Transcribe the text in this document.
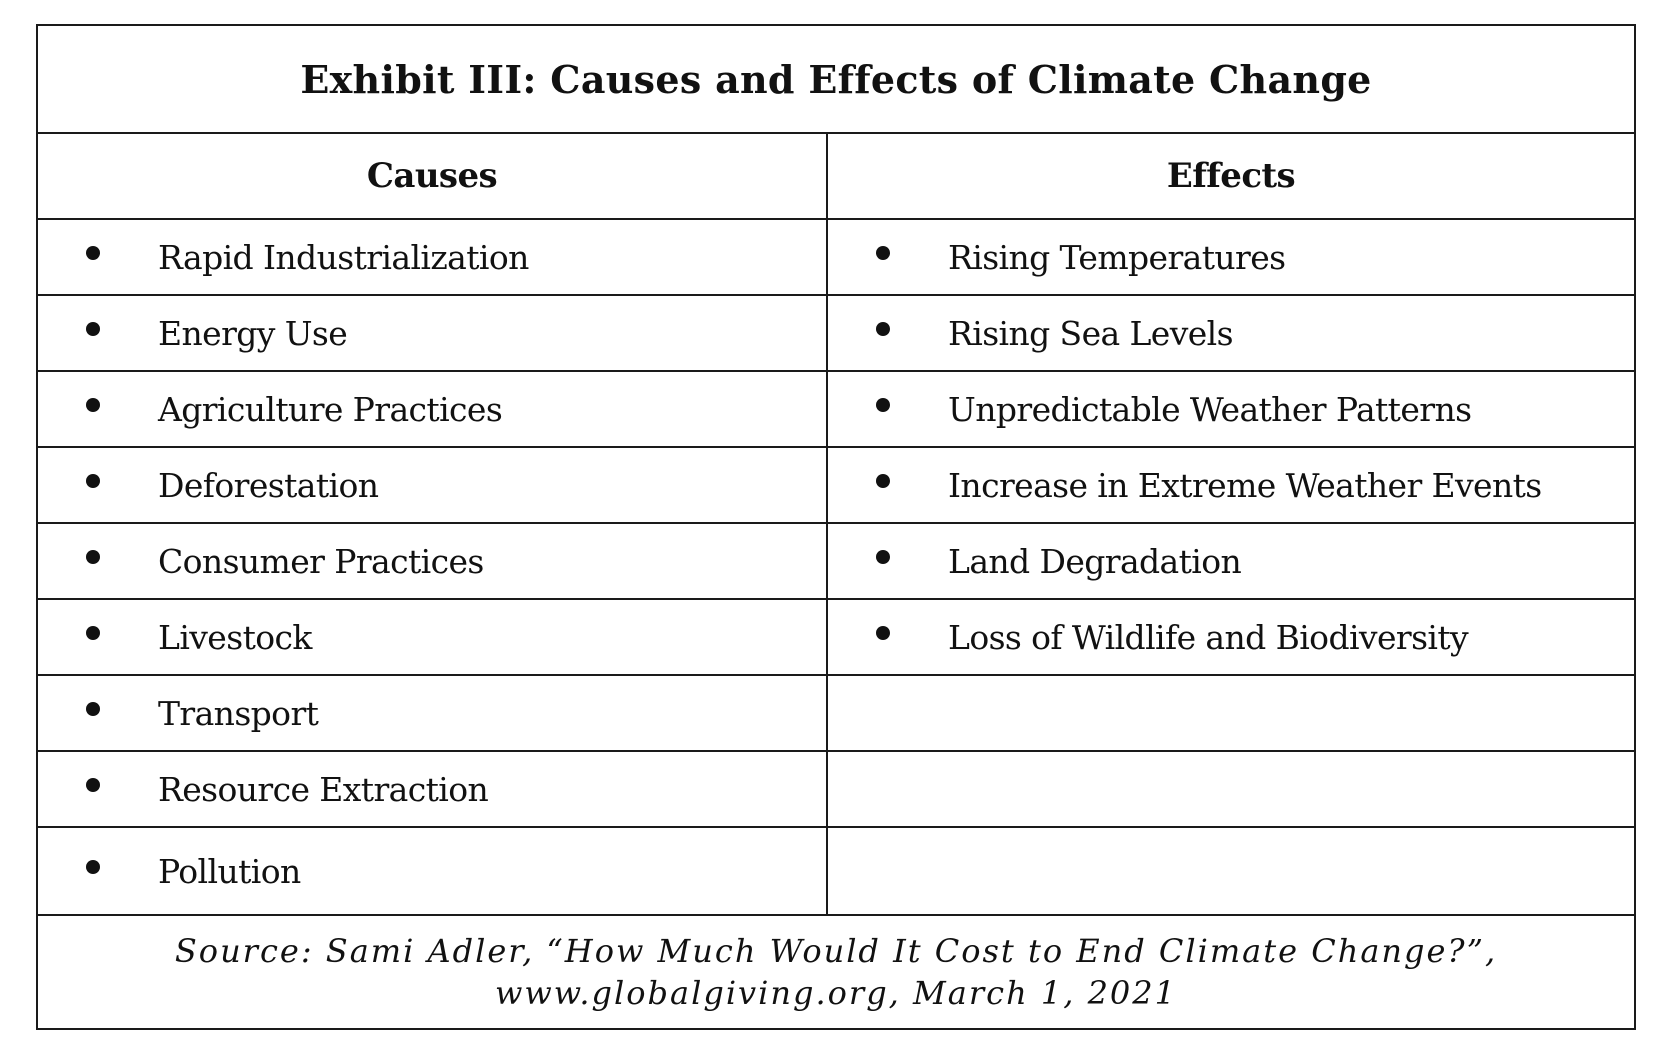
Exhibit III: Causes and Effects of Climate Change
Causes	Effects
Rapid Industrialization	Rising Temperatures
Energy Use	Rising Sea Levels
Agriculture Practices	Unpredictable Weather Patterns
Deforestation	Increase in Extreme Weather Events
Consumer Practices	Land Degradation
Livestock	Loss of Wildlife and Biodiversity
Transport
Resource Extraction
Pollution
Source: Sami Adler, “How Much Would It Cost to End Climate Change?”,
www.globalgiving.org, March 1, 2021
